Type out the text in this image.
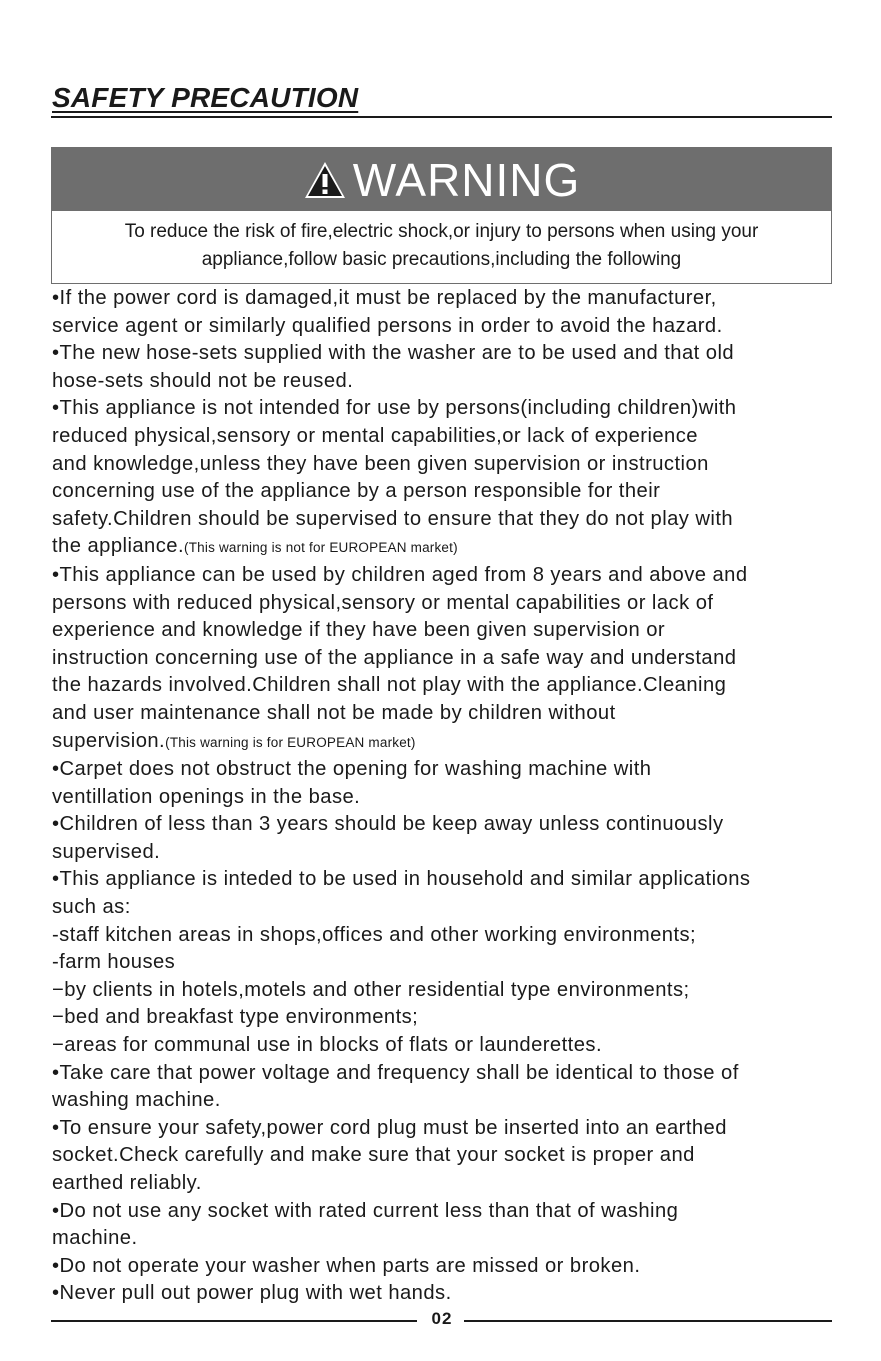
SAFETY PRECAUTION
WARNING
To reduce the risk of fire,electric shock,or injury to persons when using your
appliance,follow basic precautions,including the following
•If the power cord is damaged,it must be replaced by the manufacturer,
service agent or similarly qualified persons in order to avoid the hazard.
•The new hose-sets supplied with the washer are to be used and that old
hose-sets should not be reused.
•This appliance is not intended for use by persons(including children)with
reduced physical,sensory or mental capabilities,or lack of experience
and knowledge,unless they have been given supervision or instruction
concerning use of the appliance by a person responsible for their
safety.Children should be supervised to ensure that they do not play with
the appliance.(This warning is not for EUROPEAN market)
•This appliance can be used by children aged from 8 years and above and
persons with reduced physical,sensory or mental capabilities or lack of
experience and knowledge if they have been given supervision or
instruction concerning use of the appliance in a safe way and understand
the hazards involved.Children shall not play with the appliance.Cleaning
and user maintenance shall not be made by children without
supervision.(This warning is for EUROPEAN market)
•Carpet does not obstruct the opening for washing machine with
ventillation openings in the base.
•Children of less than 3 years should be keep away unless continuously
supervised.
•This appliance is inteded to be used in household and similar applications
such as:
-staff kitchen areas in shops,offices and other working environments;
-farm houses
−by clients in hotels,motels and other residential type environments;
−bed and breakfast type environments;
−areas for communal use in blocks of flats or launderettes.
•Take care that power voltage and frequency shall be identical to those of
washing machine.
•To ensure your safety,power cord plug must be inserted into an earthed
socket.Check carefully and make sure that your socket is proper and
earthed reliably.
•Do not use any socket with rated current less than that of washing
machine.
•Do not operate your washer when parts are missed or broken.
•Never pull out power plug with wet hands.
02
